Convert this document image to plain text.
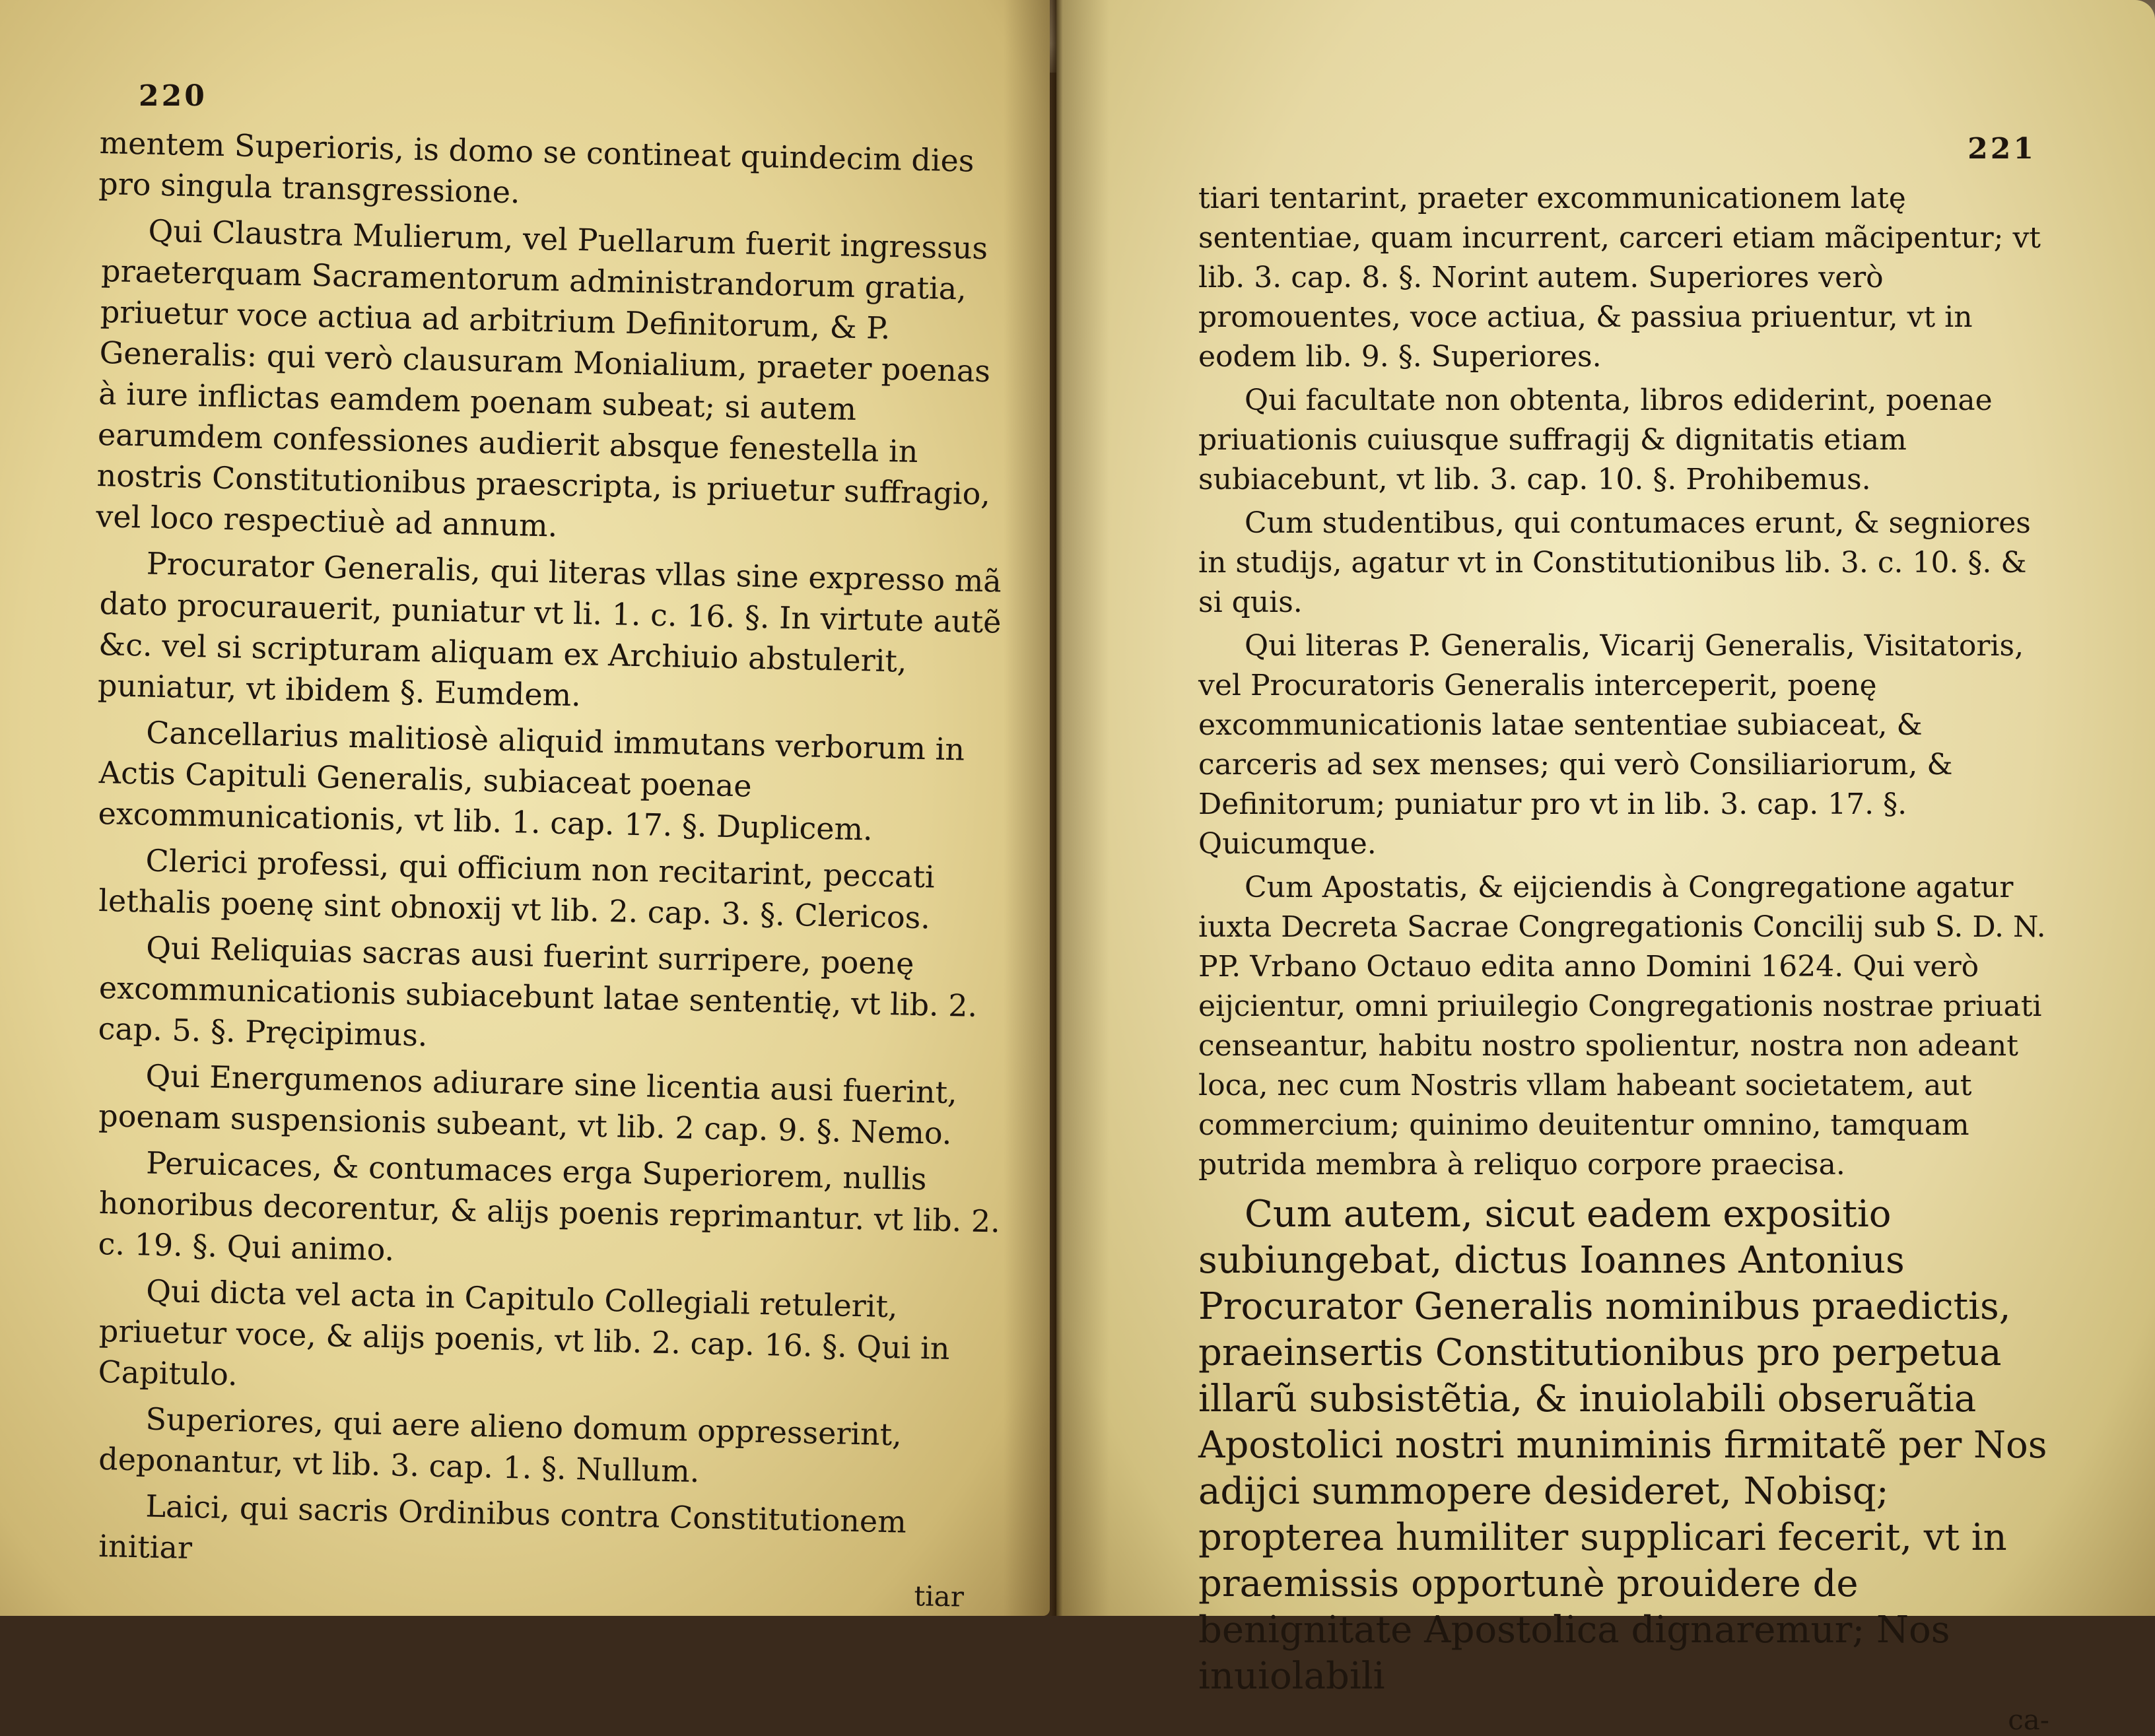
220

mentem Superioris, is domo se contineat quindecim dies pro singula transgressione.

Qui Claustra Mulierum, vel Puellarum fuerit ingressus praeterquam Sacramentorum administrandorum gratia, priuetur voce actiua ad arbitrium Definitorum, & P. Generalis: qui verò clausuram Monialium, praeter poenas à iure inflictas eamdem poenam subeat; si autem earumdem confessiones audierit absque fenestella in nostris Constitutionibus praescripta, is priuetur suffragio, vel loco respectiuè ad annum.

Procurator Generalis, qui literas vllas sine expresso mã dato procurauerit, puniatur vt li. 1. c. 16. §. In virtute autẽ &c. vel si scripturam aliquam ex Archiuio abstulerit, puniatur, vt ibidem §. Eumdem.

Cancellarius malitiosè aliquid immutans verborum in Actis Capituli Generalis, subiaceat poenae excommunicationis, vt lib. 1. cap. 17. §. Duplicem.

Clerici professi, qui officium non recitarint, peccati lethalis poenę sint obnoxij vt lib. 2. cap. 3. §. Clericos.

Qui Reliquias sacras ausi fuerint surripere, poenę excommunicationis subiacebunt latae sententię, vt lib. 2. cap. 5. §. Pręcipimus.

Qui Energumenos adiurare sine licentia ausi fuerint, poenam suspensionis subeant, vt lib. 2 cap. 9. §. Nemo.

Peruicaces, & contumaces erga Superiorem, nullis honoribus decorentur, & alijs poenis reprimantur. vt lib. 2. c. 19. §. Qui animo.

Qui dicta vel acta in Capitulo Collegiali retulerit, priuetur voce, & alijs poenis, vt lib. 2. cap. 16. §. Qui in Capitulo.

Superiores, qui aere alieno domum oppresserint, deponantur, vt lib. 3. cap. 1. §. Nullum.

Laici, qui sacris Ordinibus contra Constitutionem initiar

tiar
221

tiari tentarint, praeter excommunicationem latę sententiae, quam incurrent, carceri etiam mãcipentur; vt lib. 3. cap. 8. §. Norint autem. Superiores verò promouentes, voce actiua, & passiua priuentur, vt in eodem lib. 9. §. Superiores.

Qui facultate non obtenta, libros ediderint, poenae priuationis cuiusque suffragij & dignitatis etiam subiacebunt, vt lib. 3. cap. 10. §. Prohibemus.

Cum studentibus, qui contumaces erunt, & segniores in studijs, agatur vt in Constitutionibus lib. 3. c. 10. §. & si quis.

Qui literas P. Generalis, Vicarij Generalis, Visitatoris, vel Procuratoris Generalis interceperit, poenę excommunicationis latae sententiae subiaceat, & carceris ad sex menses; qui verò Consiliariorum, & Definitorum; puniatur pro vt in lib. 3. cap. 17. §. Quicumque.

Cum Apostatis, & eijciendis à Congregatione agatur iuxta Decreta Sacrae Congregationis Concilij sub S. D. N. PP. Vrbano Octauo edita anno Domini 1624. Qui verò eijcientur, omni priuilegio Congregationis nostrae priuati censeantur, habitu nostro spolientur, nostra non adeant loca, nec cum Nostris vllam habeant societatem, aut commercium; quinimo deuitentur omnino, tamquam putrida membra à reliquo corpore praecisa.

Cum autem, sicut eadem expositio subiungebat, dictus Ioannes Antonius Procurator Generalis nominibus praedictis, praeinsertis Constitutionibus pro perpetua illarũ subsistẽtia, & inuiolabili obseruãtia Apostolici nostri muniminis firmitatẽ per Nos adijci summopere desideret, Nobisq; propterea humiliter supplicari fecerit, vt in praemissis opportunè prouidere de benignitate Apostolica dignaremur; Nos inuiolabili

ca-
